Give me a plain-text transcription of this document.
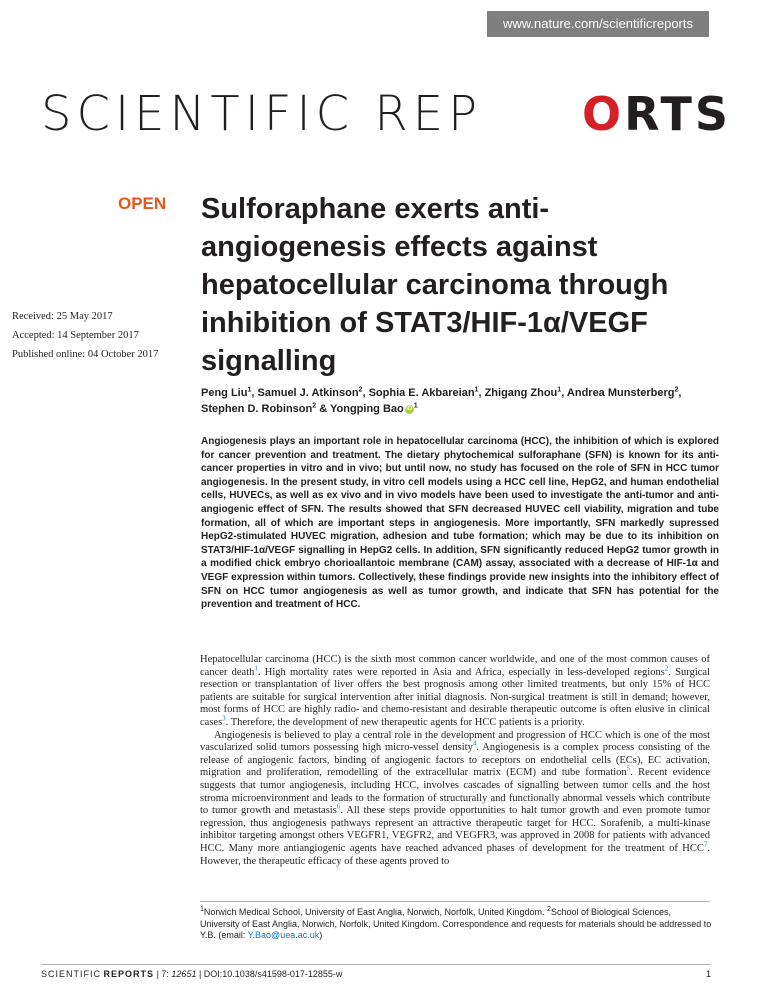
www.nature.com/scientificreports
SCIENTIFIC REP ORTS
OPEN Sulforaphane exerts anti-angiogenesis effects against hepatocellular carcinoma through inhibition of STAT3/HIF-1α/VEGF signalling
Received: 25 May 2017
Accepted: 14 September 2017
Published online: 04 October 2017
Peng Liu$^1$, Samuel J. Atkinson$^2$, Sophia E. Akbareian$^1$, Zhigang Zhou$^1$, Andrea Munsterberg$^2$, Stephen D. Robinson$^2$ & Yongping Bao iD $^1$
Angiogenesis plays an important role in hepatocellular carcinoma (HCC), the inhibition of which is explored for cancer prevention and treatment. The dietary phytochemical sulforaphane (SFN) is known for its anti-cancer properties in vitro and in vivo; but until now, no study has focused on the role of SFN in HCC tumor angiogenesis. In the present study, in vitro cell models using a HCC cell line, HepG2, and human endothelial cells, HUVECs, as well as ex vivo and in vivo models have been used to investigate the anti-tumor and anti-angiogenic effect of SFN. The results showed that SFN decreased HUVEC cell viability, migration and tube formation, all of which are important steps in angiogenesis. More importantly, SFN markedly supressed HepG2-stimulated HUVEC migration, adhesion and tube formation; which may be due to its inhibition on STAT3/HIF-1α/VEGF signalling in HepG2 cells. In addition, SFN significantly reduced HepG2 tumor growth in a modified chick embryo chorioallantoic membrane (CAM) assay, associated with a decrease of HIF-1α and VEGF expression within tumors. Collectively, these findings provide new insights into the inhibitory effect of SFN on HCC tumor angiogenesis as well as tumor growth, and indicate that SFN has potential for the prevention and treatment of HCC.

Hepatocellular carcinoma (HCC) is the sixth most common cancer worldwide, and one of the most common causes of cancer death$^1$. High mortality rates were reported in Asia and Africa, especially in less-developed regions$^2$. Surgical resection or transplantation of liver offers the best prognosis among other limited treatments, but only 15% of HCC patients are suitable for surgical intervention after initial diagnosis. Non-surgical treatment is still in demand; however, most forms of HCC are highly radio- and chemo-resistant and desirable therapeutic outcome is often elusive in clinical cases$^3$. Therefore, the development of new therapeutic agents for HCC patients is a priority.

Angiogenesis is believed to play a central role in the development and progression of HCC which is one of the most vascularized solid tumors possessing high micro-vessel density$^4$. Angiogenesis is a complex process consisting of the release of angiogenic factors, binding of angiogenic factors to receptors on endothelial cells (ECs), EC activation, migration and proliferation, remodelling of the extracellular matrix (ECM) and tube formation$^5$. Recent evidence suggests that tumor angiogenesis, including HCC, involves cascades of signalling between tumor cells and the host stroma microenvironment and leads to the formation of structurally and functionally abnormal vessels which contribute to tumor growth and metastasis$^6$. All these steps provide opportunities to halt tumor growth and even promote tumor regression, thus angiogenesis pathways represent an attractive therapeutic target for HCC. Sorafenib, a multi-kinase inhibitor targeting amongst others VEGFR1, VEGFR2, and VEGFR3, was approved in 2008 for patients with advanced HCC. Many more antiangiogenic agents have reached advanced phases of development for the treatment of HCC$^7$. However, the therapeutic efficacy of these agents proved to

$^1$Norwich Medical School, University of East Anglia, Norwich, Norfolk, United Kingdom. $^2$School of Biological Sciences, University of East Anglia, Norwich, Norfolk, United Kingdom. Correspondence and requests for materials should be addressed to Y.B. (email: Y.Bao@uea.ac.uk)
SCIENTIFIC REPORTS | 7: 12651 | DOI:10.1038/s41598-017-12855-w	1
